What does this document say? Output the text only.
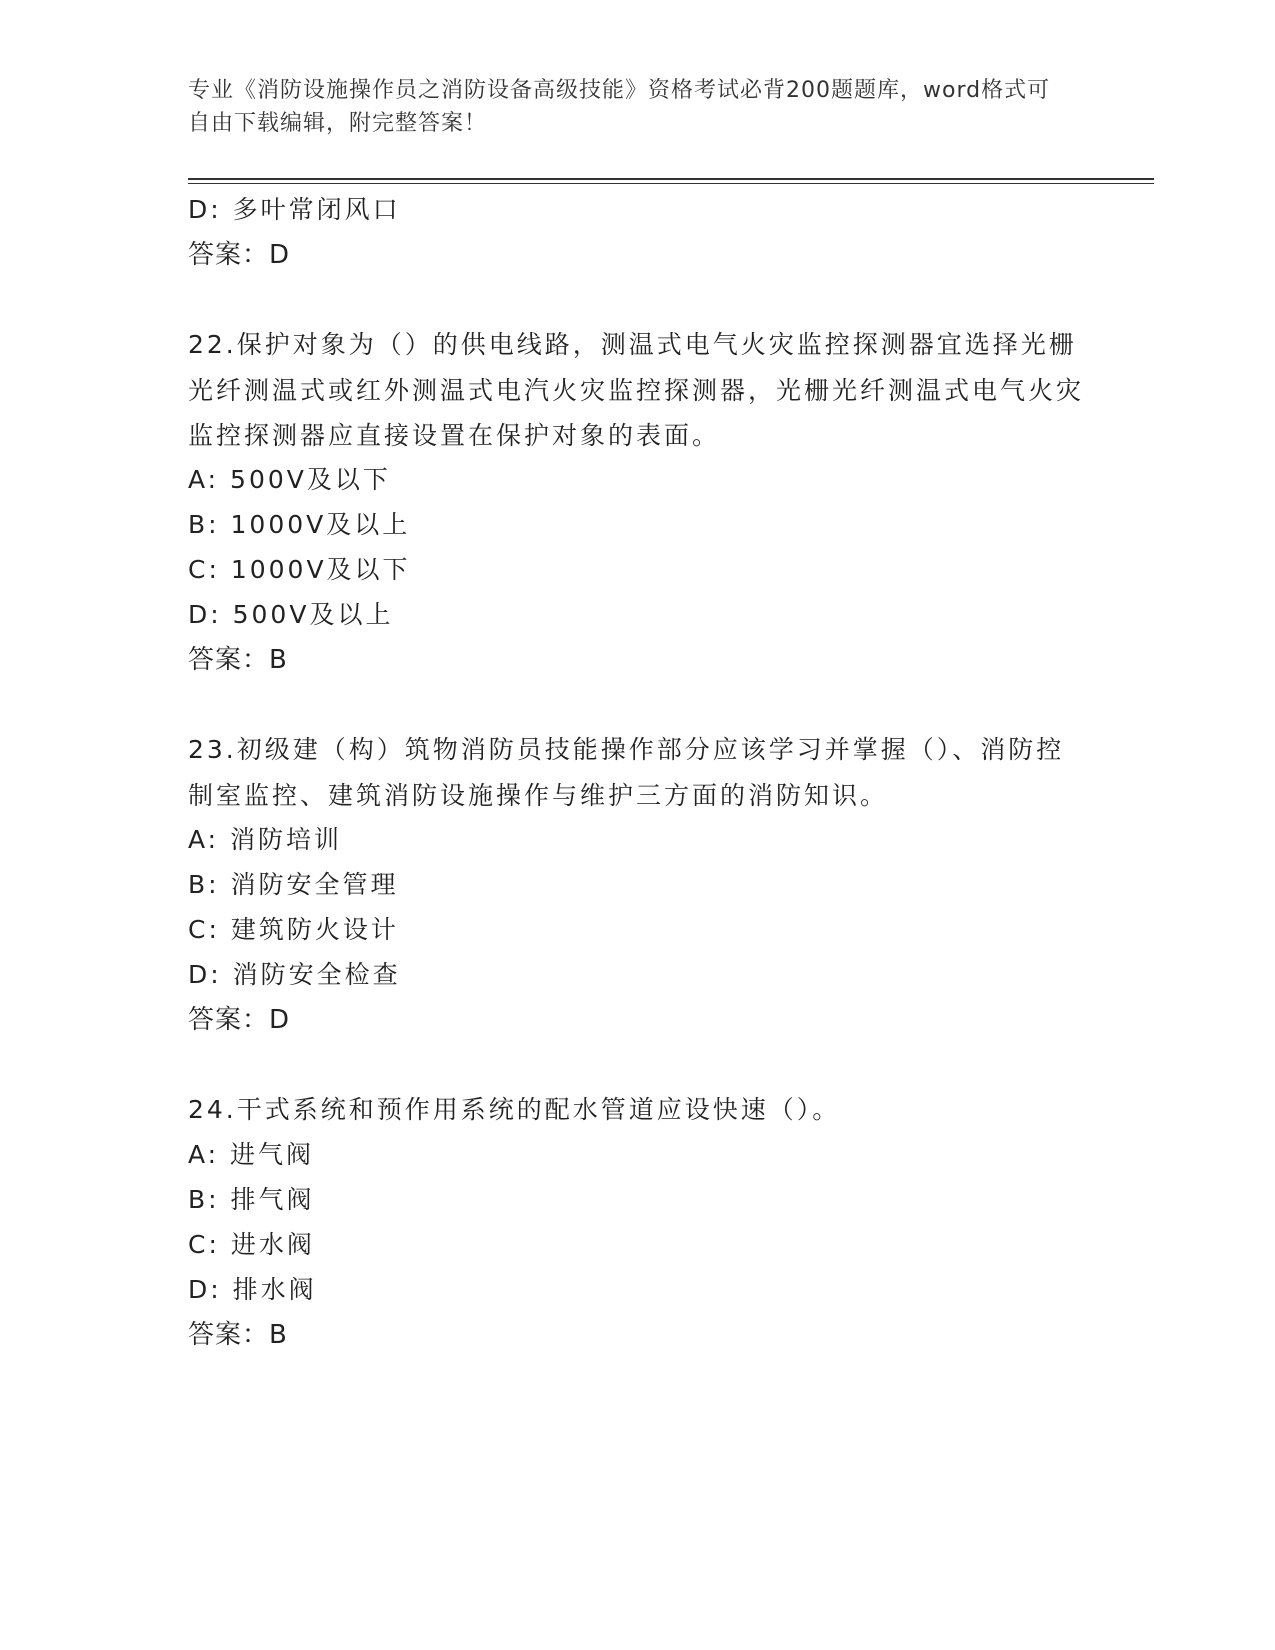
专业《消防设施操作员之消防设备高级技能》资格考试必背200题题库，word格式可自由下载编辑，附完整答案！
D: 多叶常闭风口
答案：D
22.保护对象为（）的供电线路，测温式电气火灾监控探测器宜选择光栅光纤测温式或红外测温式电汽火灾监控探测器，光栅光纤测温式电气火灾监控探测器应直接设置在保护对象的表面。
A: 500V及以下
B: 1000V及以上
C: 1000V及以下
D: 500V及以上
答案：B
23.初级建（构）筑物消防员技能操作部分应该学习并掌握（）、消防控制室监控、建筑消防设施操作与维护三方面的消防知识。
A: 消防培训
B: 消防安全管理
C: 建筑防火设计
D: 消防安全检查
答案：D
24.干式系统和预作用系统的配水管道应设快速（）。
A: 进气阀
B: 排气阀
C: 进水阀
D: 排水阀
答案：B
